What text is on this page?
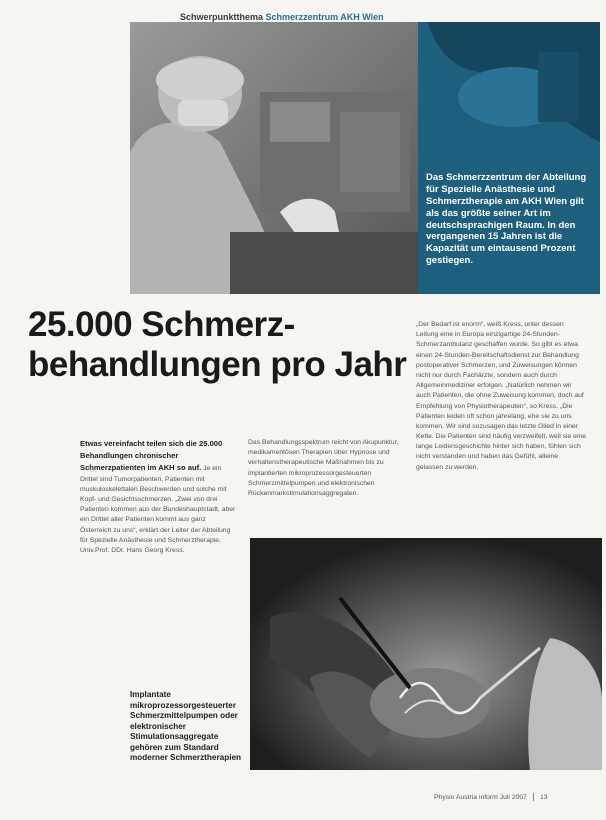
Schwerpunktthema Schmerzzentrum AKH Wien
Das Schmerzzentrum der Abteilung für Spezielle Anästhesie und Schmerztherapie am AKH Wien gilt als das größte seiner Art im deutschsprachigen Raum. In den vergangenen 15 Jahren ist die Kapazität um eintausend Prozent gestiegen.
25.000 Schmerz-
behandlungen pro Jahr
Etwas vereinfacht teilen sich die 25.000 Behandlungen chronischer Schmerzpatienten im AKH so auf. Je ein Drittel sind Tumorpatienten, Patienten mit muskuloskelettalen Beschwerden und solche mit Kopf- und Gesichtsschmerzen. „Zwei von drei Patienten kommen aus der Bundeshauptstadt, aber ein Drittel aller Patienten kommt aus ganz Österreich zu uns“, erklärt der Leiter der Abteilung für Spezielle Anästhesie und Schmerztherapie,
Univ.Prof. DDr. Hans Georg Kress.
Das Behandlungsspektrum reicht von Akupunktur, medikamentösen Therapien über Hypnose und verhaltenstherapeutische Maßnahmen bis zu implantierten mikroprozessorgesteuerten Schmerzmittelpumpen und elektronischen Rückenmarkstimulationsaggregaten.
„Der Bedarf ist enorm“, weiß Kress, unter dessen Leitung eine in Europa einzigartige 24-Stunden-Schmerzambulanz geschaffen wurde. So gibt es etwa einen 24-Stunden-Bereitschaftsdienst zur Behandlung postoperativer Schmerzen, und Zuweisungen können nicht nur durch Fachärzte, sondern auch durch Allgemeinmediziner erfolgen. „Natürlich nehmen wir auch Patienten, die ohne Zuweisung kommen, doch auf Empfehlung von Physiotherapeuten“, so Kress. „Die Patienten leiden oft schon jahrelang, ehe sie zu uns kommen. Wir sind sozusagen das letzte Glied in einer Kette. Die Patienten sind häufig verzweifelt, weil sie eine lange Leidensgeschichte hinter sich haben, fühlen sich nicht verstanden und haben das Gefühl, alleine gelassen zu werden.
Implantate mikroprozessorgesteuerter Schmerzmittelpumpen oder elektronischer Stimulationsaggregate gehören zum Standard moderner Schmerztherapien
Physio Austria inform Juli 2007 13
